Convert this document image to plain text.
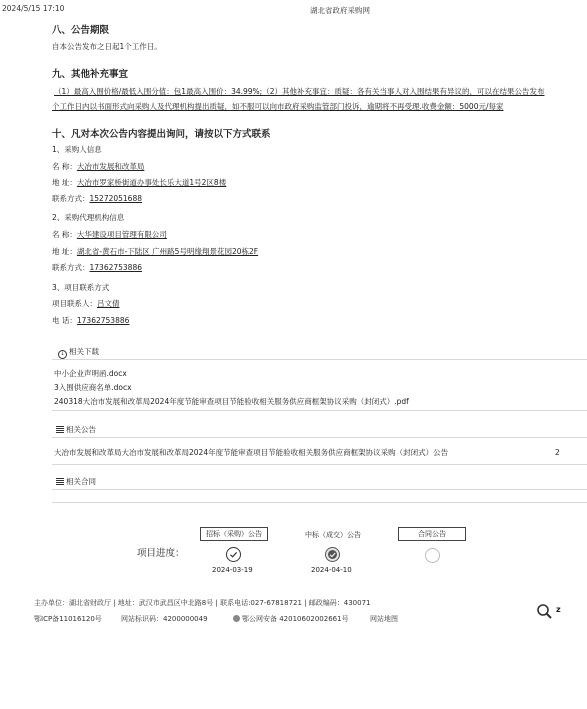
2024/5/15 17:10	湖北省政府采购网
八、公告期限
自本公告发布之日起1个工作日。
九、其他补充事宜
（1）最高入围价格/最低入围分值：包1最高入围价：34.99%;（2）其他补充事宜：质疑：各有关当事人对入围结果有异议的，可以在结果公告发布
个工作日内以书面形式向采购人及代理机构提出质疑，如不服可以向市政府采购监管部门投诉，逾期将不再受理.收费金额：5000元/每家
十、凡对本次公告内容提出询问，请按以下方式联系
1、采购人信息
名 称：大冶市发展和改革局
地 址：大冶市罗家桥街道办事处长乐大道1号2区8楼
联系方式：15272051688
2、采购代理机构信息
名 称：大华建设项目管理有限公司
地 址：湖北省-黄石市-下陆区 广州路5号明缘翔景花园20栋2F
联系方式：17362753886
3、项目联系方式
项目联系人：吕文倩
电 话：17362753886
↓ 相关下载
中小企业声明函.docx
3入围供应商名单.docx
240318大冶市发展和改革局2024年度节能审查项目节能验收相关服务供应商框架协议采购（封闭式）.pdf
相关公告
大冶市发展和改革局大冶市发展和改革局2024年度节能审查项目节能验收相关服务供应商框架协议采购（封闭式）公告	2
相关合同
项目进度：
招标（采购）公告	中标（成交）公告	合同公告
2024-03-19	2024-04-10
主办单位：湖北省财政厅 | 地址：武汉市武昌区中北路8号 | 联系电话:027-67818721 | 邮政编码：430071
鄂ICP备11016120号	网站标识码：4200000049	鄂公网安备 42010602002661号	网站地图
z
